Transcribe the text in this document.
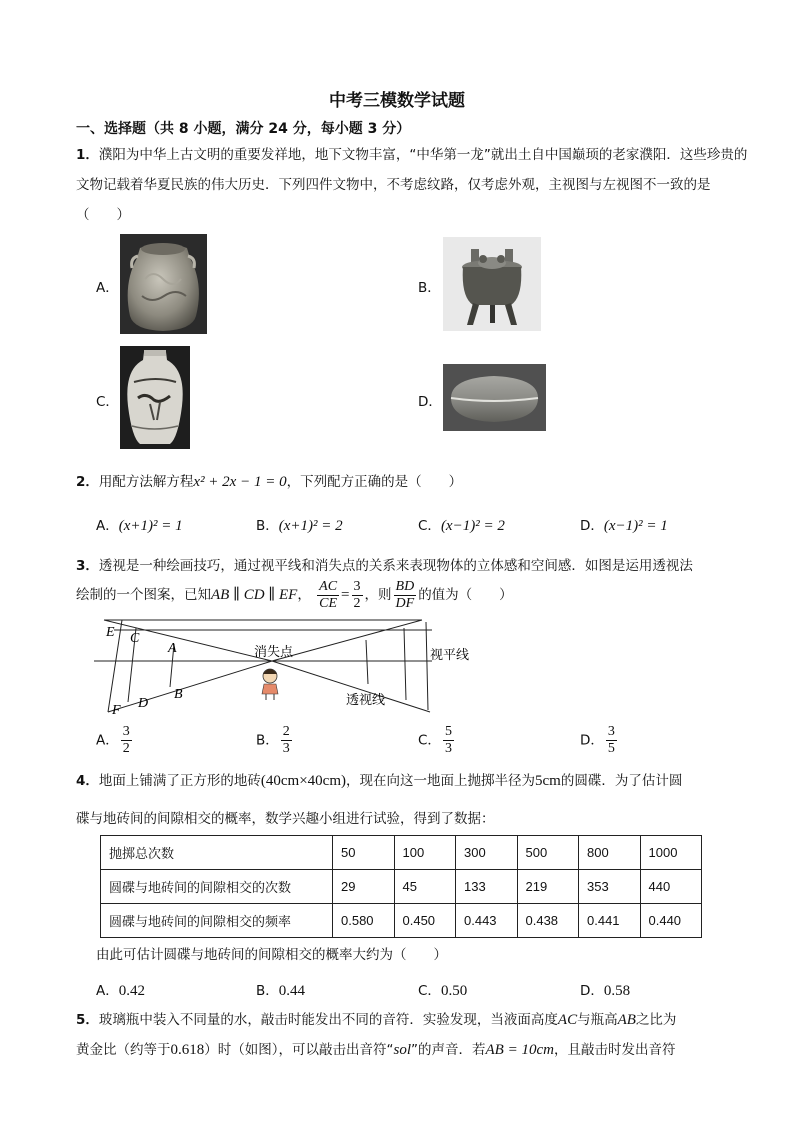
中考三模数学试题
一、选择题（共 8 小题，满分 24 分，每小题 3 分）
1．濮阳为中华上古文明的重要发祥地，地下文物丰富，“中华第一龙”就出土自中国巅顼的老家濮阳．这些珍贵的文物记载着华夏民族的伟大历史．下列四件文物中，不考虑纹路，仅考虑外观，主视图与左视图不一致的是（　　）
A．	B．
C．	D．
2．用配方法解方程x² + 2x − 1 = 0，下列配方正确的是（　　）
A．(x+1)² = 1	B．(x+1)² = 2	C．(x−1)² = 2	D．(x−1)² = 1
3．透视是一种绘画技巧，通过视平线和消失点的关系来表现物体的立体感和空间感．如图是运用透视法
绘制的一个图案，已知AB ∥ CD ∥ EF， $\frac{AC}{CE} = \frac{3}{2}$ ，则 $\frac{BD}{DF}$ 的值为（　　）
E C
A
F D
B
消失点	视平线
透视线
A． $\frac{3}{2}$	B． $\frac{2}{3}$	C． $\frac{5}{3}$	D． $\frac{3}{5}$
4．地面上铺满了正方形的地砖(40cm×40cm)，现在向这一地面上抛掷半径为5cm的圆碟．为了估计圆
碟与地砖间的间隙相交的概率，数学兴趣小组进行试验，得到了数据：
抛掷总次数	50	100	300	500	800	1000
圆碟与地砖间的间隙相交的次数	29	45	133	219	353	440
圆碟与地砖间的间隙相交的频率	0.580	0.450	0.443	0.438	0.441	0.440
由此可估计圆碟与地砖间的间隙相交的概率大约为（　　）
A．0.42	B．0.44	C．0.50	D．0.58
5．玻璃瓶中装入不同量的水，敲击时能发出不同的音符．实验发现，当液面高度AC与瓶高AB之比为
黄金比（约等于0.618）时（如图），可以敲击出音符“sol”的声音．若AB = 10cm，且敲击时发出音符
